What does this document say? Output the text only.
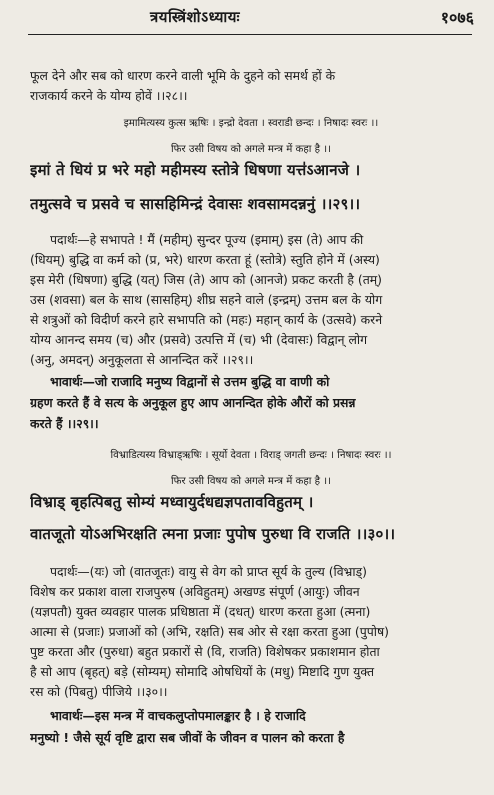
त्रयस्त्रिंशोऽध्यायः	१०७६
फूल देने और सब को धारण करने वाली भूमि के दुहने को समर्थ हों के
राजकार्य करने के योग्य होवें ।।२८।।
इमामित्यस्य कुत्स ऋषिः । इन्द्रो देवता । स्वराडी छन्दः । निषादः स्वरः ।।
फिर उसी विषय को अगले मन्त्र में कहा है ।।
इमां ते धियं प्र भरे महो महीमस्य स्तोत्रे धिषणा यत्त॑ऽआनजे ।
तमुत्सवे च प्रसवे च सासहिमिन्द्रं देवासः शवसामदन्ननुं ।।२९।।
पदार्थः—हे सभापते ! मैं (महीम्) सुन्दर पूज्य (इमाम्) इस (ते) आप की
(धियम्) बुद्धि वा कर्म को (प्र, भरे) धारण करता हूं (स्तोत्रे) स्तुति होने में (अस्य)
इस मेरी (धिषणा) बुद्धि (यत्) जिस (ते) आप को (आनजे) प्रकट करती है (तम्)
उस (शवसा) बल के साथ (सासहिम्) शीघ्र सहने वाले (इन्द्रम्) उत्तम बल के योग
से शत्रुओं को विदीर्ण करने हारे सभापति को (महः) महान् कार्य के (उत्सवे) करने
योग्य आनन्द समय (च) और (प्रसवे) उत्पत्ति में (च) भी (देवासः) विद्वान् लोग
(अनु, अमदन्) अनुकूलता से आनन्दित करें ।।२९।।
भावार्थः—जो राजादि मनुष्य विद्वानों से उत्तम बुद्धि वा वाणी को
ग्रहण करते हैं वे सत्य के अनुकूल हुए आप आनन्दित होके औरों को प्रसन्न
करते हैं ।।२९।।
विभ्राडित्यस्य विभ्राड्ऋषिः । सूर्यो देवता । विराड् जगती छन्दः । निषादः स्वरः ।।
फिर उसी विषय को अगले मन्त्र में कहा है ।।
विभ्राड् बृहत्पिबतु सोम्यं मध्वायुर्दधद्यज्ञपतावविहुतम् ।
वातजूतो योऽअभिरक्षति त्मना प्रजाः पुपोष पुरुधा वि राजति ।।३०।।
पदार्थः—(यः) जो (वातजूतः) वायु से वेग को प्राप्त सूर्य के तुल्य (विभ्राड्)
विशेष कर प्रकाश वाला राजपुरुष (अविहुतम्) अखण्ड संपूर्ण (आयुः) जीवन
(यज्ञपतौ) युक्त व्यवहार पालक प्रधिष्ठाता में (दधत्) धारण करता हुआ (त्मना)
आत्मा से (प्रजाः) प्रजाओं को (अभि, रक्षति) सब ओर से रक्षा करता हुआ (पुपोष)
पुष्ट करता और (पुरुधा) बहुत प्रकारों से (वि, राजति) विशेषकर प्रकाशमान होता
है सो आप (बृहत्) बड़े (सोम्यम्) सोमादि ओषधियों के (मधु) मिष्टादि गुण युक्त
रस को (पिबतु) पीजिये ।।३०।।
भावार्थः—इस मन्त्र में वाचकलुप्तोपमालङ्कार है । हे राजादि
मनुष्यो ! जैसे सूर्य वृष्टि द्वारा सब जीवों के जीवन व पालन को करता है
